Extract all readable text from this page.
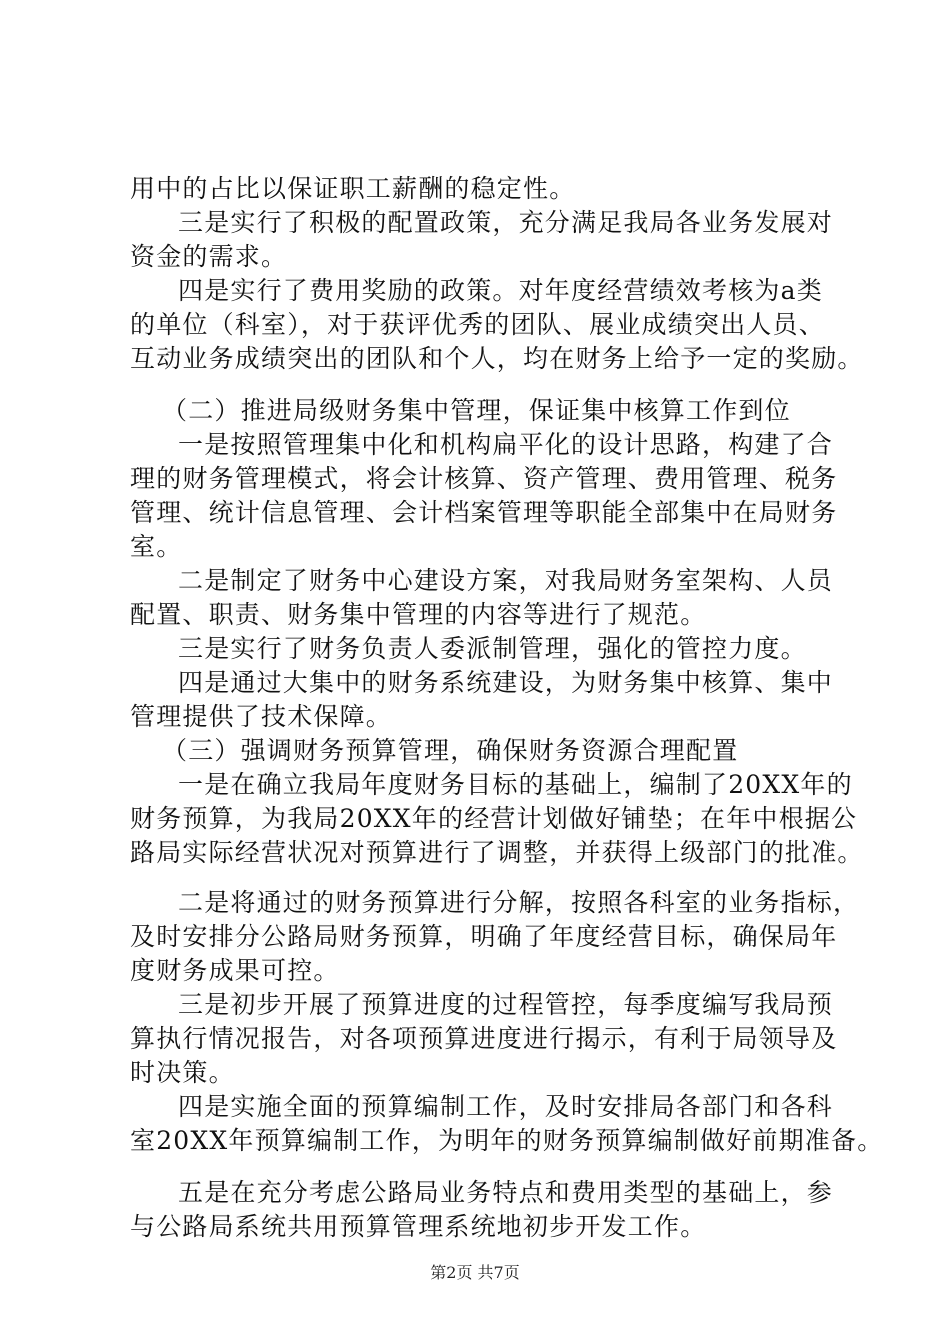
用中的占比以保证职工薪酬的稳定性。
三是实行了积极的配置政策，充分满足我局各业务发展对
资金的需求。
四是实行了费用奖励的政策。对年度经营绩效考核为a类
的单位（科室），对于获评优秀的团队、展业成绩突出人员、
互动业务成绩突出的团队和个人，均在财务上给予一定的奖励。
（二）推进局级财务集中管理，保证集中核算工作到位
一是按照管理集中化和机构扁平化的设计思路，构建了合
理的财务管理模式，将会计核算、资产管理、费用管理、税务
管理、统计信息管理、会计档案管理等职能全部集中在局财务
室。
二是制定了财务中心建设方案，对我局财务室架构、人员
配置、职责、财务集中管理的内容等进行了规范。
三是实行了财务负责人委派制管理，强化的管控力度。
四是通过大集中的财务系统建设，为财务集中核算、集中
管理提供了技术保障。
（三）强调财务预算管理，确保财务资源合理配置
一是在确立我局年度财务目标的基础上，编制了20XX年的
财务预算，为我局20XX年的经营计划做好铺垫；在年中根据公
路局实际经营状况对预算进行了调整，并获得上级部门的批准。
二是将通过的财务预算进行分解，按照各科室的业务指标，
及时安排分公路局财务预算，明确了年度经营目标，确保局年
度财务成果可控。
三是初步开展了预算进度的过程管控，每季度编写我局预
算执行情况报告，对各项预算进度进行揭示，有利于局领导及
时决策。
四是实施全面的预算编制工作，及时安排局各部门和各科
室20XX年预算编制工作，为明年的财务预算编制做好前期准备。
五是在充分考虑公路局业务特点和费用类型的基础上，参
与公路局系统共用预算管理系统地初步开发工作。
第2页 共7页
